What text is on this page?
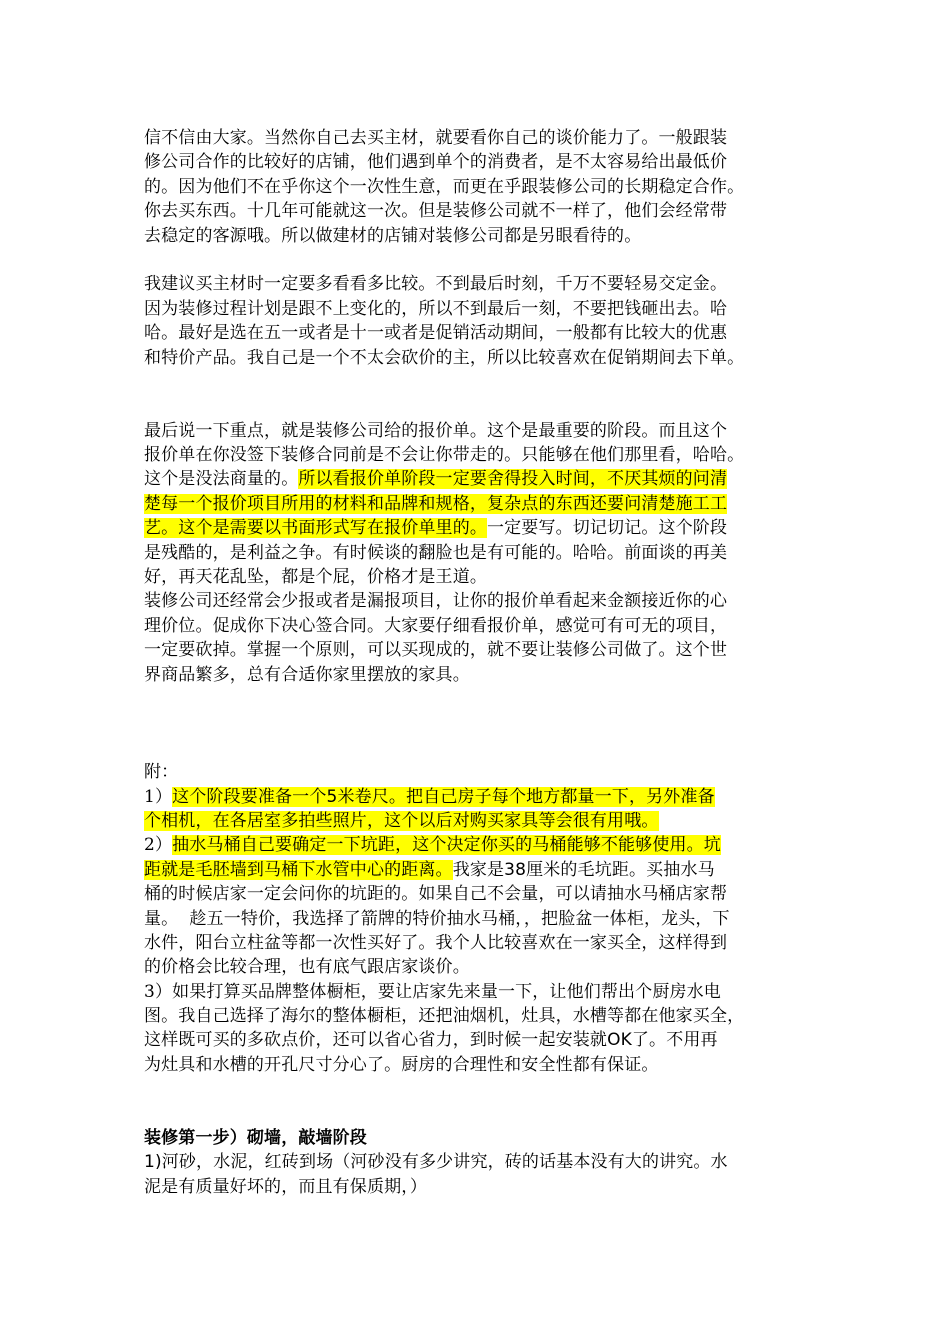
信不信由大家。当然你自己去买主材，就要看你自己的谈价能力了。一般跟装
修公司合作的比较好的店铺，他们遇到单个的消费者，是不太容易给出最低价
的。因为他们不在乎你这个一次性生意，而更在乎跟装修公司的长期稳定合作。
你去买东西。十几年可能就这一次。但是装修公司就不一样了，他们会经常带
去稳定的客源哦。所以做建材的店铺对装修公司都是另眼看待的。
我建议买主材时一定要多看看多比较。不到最后时刻，千万不要轻易交定金。
因为装修过程计划是跟不上变化的，所以不到最后一刻，不要把钱砸出去。哈
哈。最好是选在五一或者是十一或者是促销活动期间，一般都有比较大的优惠
和特价产品。我自己是一个不太会砍价的主，所以比较喜欢在促销期间去下单。
最后说一下重点，就是装修公司给的报价单。这个是最重要的阶段。而且这个
报价单在你没签下装修合同前是不会让你带走的。只能够在他们那里看，哈哈。
这个是没法商量的。所以看报价单阶段一定要舍得投入时间，不厌其烦的问清
楚每一个报价项目所用的材料和品牌和规格，复杂点的东西还要问清楚施工工
艺。这个是需要以书面形式写在报价单里的。一定要写。切记切记。这个阶段
是残酷的，是利益之争。有时候谈的翻脸也是有可能的。哈哈。前面谈的再美
好，再天花乱坠，都是个屁，价格才是王道。
装修公司还经常会少报或者是漏报项目，让你的报价单看起来金额接近你的心
理价位。促成你下决心签合同。大家要仔细看报价单，感觉可有可无的项目，
一定要砍掉。掌握一个原则，可以买现成的，就不要让装修公司做了。这个世
界商品繁多，总有合适你家里摆放的家具。
附：
1）这个阶段要准备一个5米卷尺。把自己房子每个地方都量一下，另外准备
个相机，在各居室多拍些照片，这个以后对购买家具等会很有用哦。
2）抽水马桶自己要确定一下坑距，这个决定你买的马桶能够不能够使用。坑
距就是毛胚墙到马桶下水管中心的距离。我家是38厘米的毛坑距。买抽水马
桶的时候店家一定会问你的坑距的。如果自己不会量，可以请抽水马桶店家帮
量。  趁五一特价，我选择了箭牌的特价抽水马桶，，把脸盆一体柜，龙头，下
水件，阳台立柱盆等都一次性买好了。我个人比较喜欢在一家买全，这样得到
的价格会比较合理，也有底气跟店家谈价。
3）如果打算买品牌整体橱柜，要让店家先来量一下，让他们帮出个厨房水电
图。我自己选择了海尔的整体橱柜，还把油烟机，灶具，水槽等都在他家买全，
这样既可买的多砍点价，还可以省心省力，到时候一起安装就OK了。不用再
为灶具和水槽的开孔尺寸分心了。厨房的合理性和安全性都有保证。
装修第一步）砌墙，敲墙阶段
1)河砂，水泥，红砖到场（河砂没有多少讲究，砖的话基本没有大的讲究。水
泥是有质量好坏的，而且有保质期，）
